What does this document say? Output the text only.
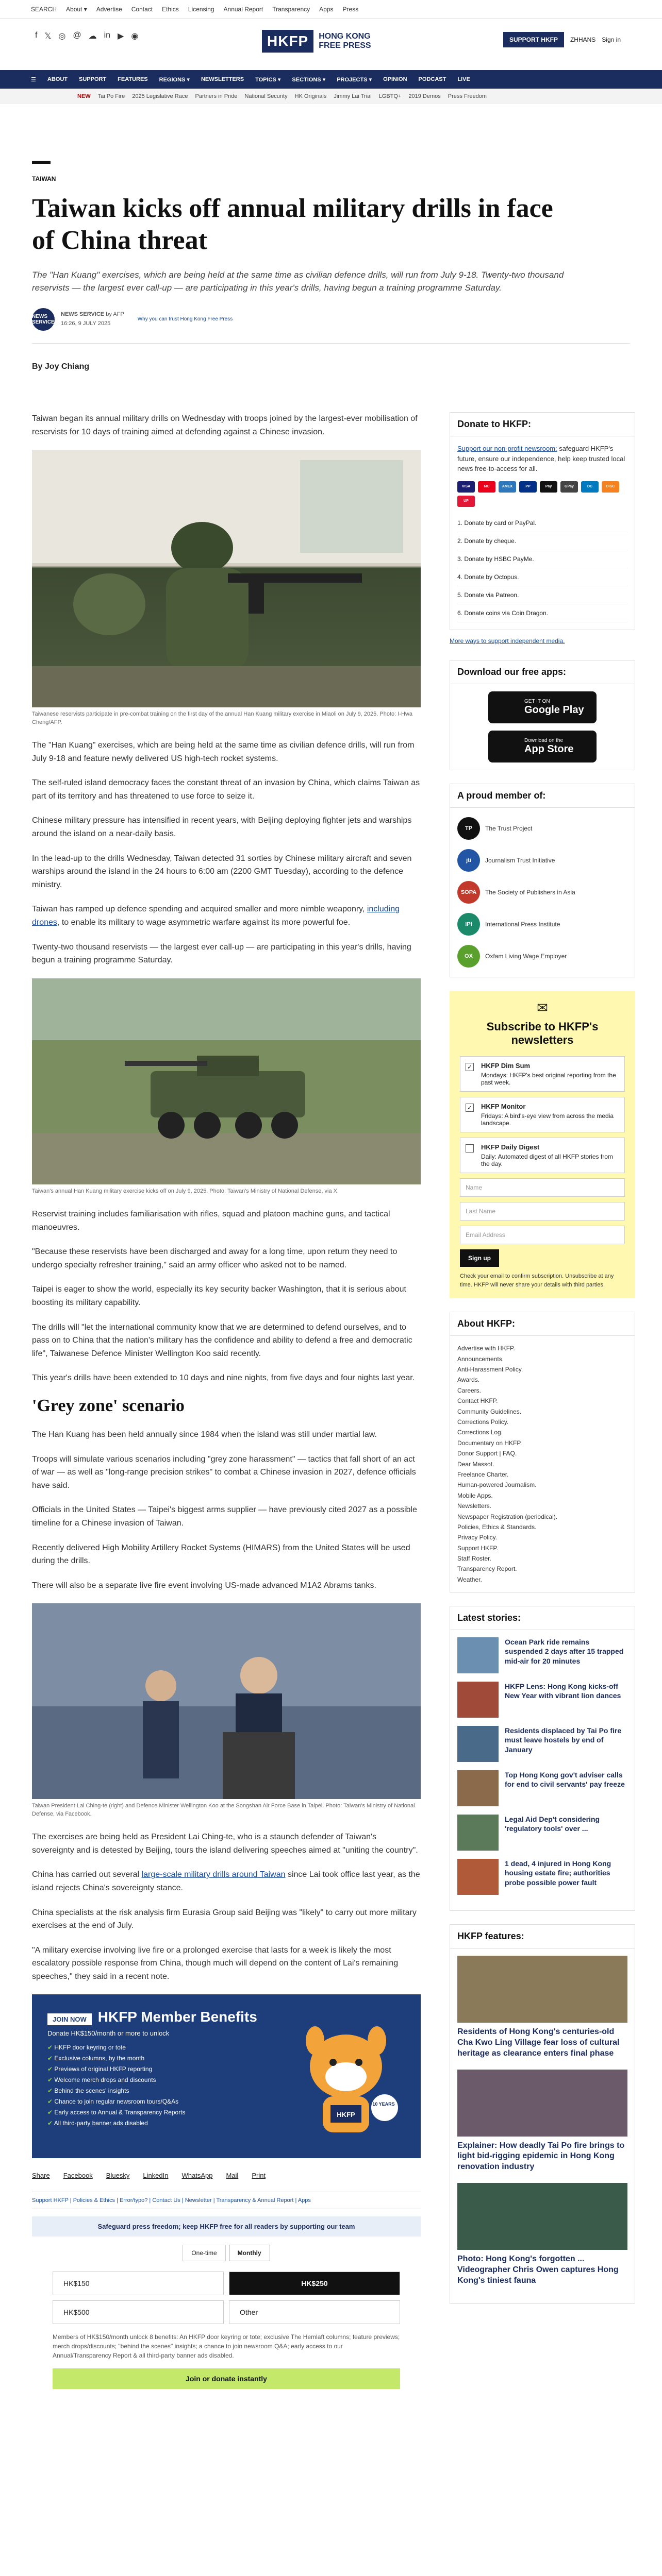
SEARCH About ▾ Advertise Contact Ethics Licensing Annual Report Transparency Apps Press
f 𝕏 ◎ @ ☁ in ▶ ◉	HKFP	HONG KONG FREE PRESS
SUPPORT HKFP	ZHHANS Sign in
☰ ABOUT SUPPORT FEATURES REGIONS ▾ NEWSLETTERS TOPICS ▾ SECTIONS ▾ PROJECTS ▾ OPINION PODCAST LIVE
NEW Tai Po Fire 2025 Legislative Race Partners in Pride National Security HK Originals Jimmy Lai Trial LGBTQ+ 2019 Demos Press Freedom
TAIWAN
Taiwan kicks off annual military drills in face of China threat
The "Han Kuang" exercises, which are being held at the same time as civilian defence drills, will run from July 9-18. Twenty-two thousand reservists — the largest ever call-up — are participating in this year's drills, having begun a training programme Saturday.
NEWS SERVICE
NEWS SERVICE by AFP
16:26, 9 JULY 2025
Why you can trust Hong Kong Free Press
By Joy Chiang

Taiwan began its annual military drills on Wednesday with troops joined by the largest-ever mobilisation of reservists for 10 days of training aimed at defending against a Chinese invasion.

Taiwanese reservists participate in pre-combat training on the first day of the annual Han Kuang military exercise in Miaoli on July 9, 2025. Photo: I-Hwa Cheng/AFP.

The "Han Kuang" exercises, which are being held at the same time as civilian defence drills, will run from July 9-18 and feature newly delivered US high-tech rocket systems.

The self-ruled island democracy faces the constant threat of an invasion by China, which claims Taiwan as part of its territory and has threatened to use force to seize it.

Chinese military pressure has intensified in recent years, with Beijing deploying fighter jets and warships around the island on a near-daily basis.

In the lead-up to the drills Wednesday, Taiwan detected 31 sorties by Chinese military aircraft and seven warships around the island in the 24 hours to 6:00 am (2200 GMT Tuesday), according to the defence ministry.

Taiwan has ramped up defence spending and acquired smaller and more nimble weaponry, including drones, to enable its military to wage asymmetric warfare against its more powerful foe.

Twenty-two thousand reservists — the largest ever call-up — are participating in this year's drills, having begun a training programme Saturday.

Taiwan's annual Han Kuang military exercise kicks off on July 9, 2025. Photo: Taiwan's Ministry of National Defense, via X.

Reservist training includes familiarisation with rifles, squad and platoon machine guns, and tactical manoeuvres.

"Because these reservists have been discharged and away for a long time, upon return they need to undergo specialty refresher training," said an army officer who asked not to be named.

Taipei is eager to show the world, especially its key security backer Washington, that it is serious about boosting its military capability.

The drills will "let the international community know that we are determined to defend ourselves, and to pass on to China that the nation's military has the confidence and ability to defend a free and democratic life", Taiwanese Defence Minister Wellington Koo said recently.

This year's drills have been extended to 10 days and nine nights, from five days and four nights last year.

'Grey zone' scenario

The Han Kuang has been held annually since 1984 when the island was still under martial law.

Troops will simulate various scenarios including "grey zone harassment" — tactics that fall short of an act of war — as well as "long-range precision strikes" to combat a Chinese invasion in 2027, defence officials have said.

Officials in the United States — Taipei's biggest arms supplier — have previously cited 2027 as a possible timeline for a Chinese invasion of Taiwan.

Recently delivered High Mobility Artillery Rocket Systems (HIMARS) from the United States will be used during the drills.

There will also be a separate live fire event involving US-made advanced M1A2 Abrams tanks.

Taiwan President Lai Ching-te (right) and Defence Minister Wellington Koo at the Songshan Air Force Base in Taipei. Photo: Taiwan's Ministry of National Defense, via Facebook.

The exercises are being held as President Lai Ching-te, who is a staunch defender of Taiwan's sovereignty and is detested by Beijing, tours the island delivering speeches aimed at "uniting the country".

China has carried out several large-scale military drills around Taiwan since Lai took office last year, as the island rejects China's sovereignty stance.

China specialists at the risk analysis firm Eurasia Group said Beijing was "likely" to carry out more military exercises at the end of July.

"A military exercise involving live fire or a prolonged exercise that lasts for a week is likely the most escalatory possible response from China, though much will depend on the content of Lai's remaining speeches," they said in a recent note.

JOIN NOW HKFP Member Benefits
Donate HK$150/month or more to unlock
✔ HKFP door keyring or tote
✔ Exclusive columns, by the month
✔ Previews of original HKFP reporting
✔ Welcome merch drops and discounts
✔ Behind the scenes' insights
✔ Chance to join regular newsroom tours/Q&As
✔ Early access to Annual & Transparency Reports
✔ All third-party banner ads disabled
HKFP
10 YEARS
Share Facebook Bluesky LinkedIn WhatsApp Mail Print
Support HKFP | Policies & Ethics | Error/typo? | Contact Us | Newsletter | Transparency & Annual Report | Apps
Safeguard press freedom; keep HKFP free for all readers by supporting our team
One-time	Monthly
HK$150	HK$250
HK$500	Other
Members of HK$150/month unlock 8 benefits: An HKFP door keyring or tote; exclusive The Hemlaft columns; feature previews; merch drops/discounts; "behind the scenes" insights; a chance to join newsroom Q&A; early access to our Annual/Transparency Report & all third-party banner ads disabled.
Join or donate instantly
Donate to HKFP:

Support our non-profit newsroom: safeguard HKFP's future, ensure our independence, help keep trusted local news free-to-access for all.

VISA	MC	AMEX	PP	Pay	GPay	DC	DISC
UP
1. Donate by card or PayPal.
2. Donate by cheque.
3. Donate by HSBC PayMe.
4. Donate by Octopus.
5. Donate via Patreon.
6. Donate coins via Coin Dragon.
More ways to support independent media.
Download our free apps:
GET IT ON
Google Play
Download on the
App Store
A proud member of:
TP	The Trust Project
jti	Journalism Trust Initiative
SOPA	The Society of Publishers in Asia
IPI	International Press Institute
OX	Oxfam Living Wage Employer
✉
Subscribe to HKFP's newsletters
✓ HKFP Dim Sum
Mondays: HKFP's best original reporting from the past week.
✓ HKFP Monitor
Fridays: A bird's-eye view from across the media landscape.
HKFP Daily Digest
Daily: Automated digest of all HKFP stories from the day.
Name
Last Name
Email Address
Sign up

Check your email to confirm subscription. Unsubscribe at any time. HKFP will never share your details with third parties.

About HKFP:
Advertise with HKFP.
Announcements.
Anti-Harassment Policy.
Awards.
Careers.
Contact HKFP.
Community Guidelines.
Corrections Policy.
Corrections Log.
Documentary on HKFP.
Donor Support | FAQ.
Dear Massot.
Freelance Charter.
Human-powered Journalism.
Mobile Apps.
Newsletters.
Newspaper Registration (periodical).
Policies, Ethics & Standards.
Privacy Policy.
Support HKFP.
Staff Roster.
Transparency Report.
Weather.
Latest stories:
Ocean Park ride remains suspended 2 days after 15 trapped mid-air for 20 minutes
HKFP Lens: Hong Kong kicks-off New Year with vibrant lion dances
Residents displaced by Tai Po fire must leave hostels by end of January
Top Hong Kong gov't adviser calls for end to civil servants' pay freeze
Legal Aid Dep't considering 'regulatory tools' over ...
1 dead, 4 injured in Hong Kong housing estate fire; authorities probe possible power fault
HKFP features:
Residents of Hong Kong's centuries-old Cha Kwo Ling Village fear loss of cultural heritage as clearance enters final phase
Explainer: How deadly Tai Po fire brings to light bid-rigging epidemic in Hong Kong renovation industry
Photo: Hong Kong's forgotten ... Videographer Chris Owen captures Hong Kong's tiniest fauna
